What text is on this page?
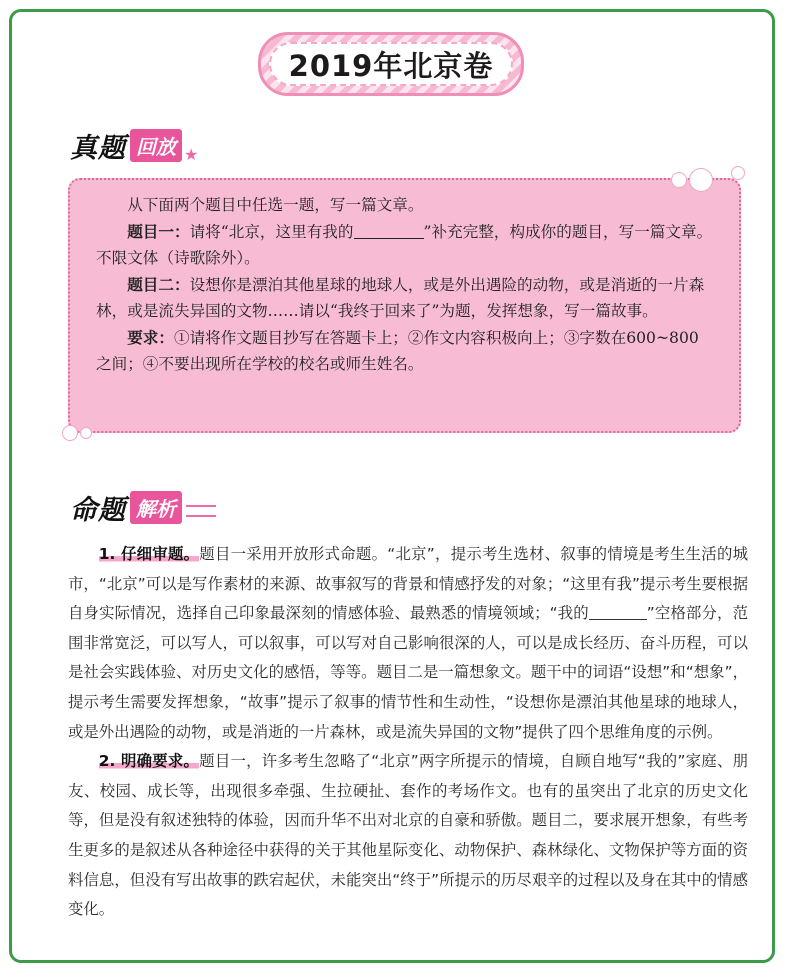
2019年北京卷
真题 回放 ★

从下面两个题目中任选一题，写一篇文章。

题目一：请将“北京，这里有我的	”补充完整，构成你的题目，写一篇文章。不限文体（诗歌除外）。

题目二：设想你是漂泊其他星球的地球人，或是外出遇险的动物，或是消逝的一片森林，或是流失异国的文物……请以“我终于回来了”为题，发挥想象，写一篇故事。

要求：①请将作文题目抄写在答题卡上；②作文内容积极向上；③字数在600~800之间；④不要出现所在学校的校名或师生姓名。

命题 解析

1. 仔细审题。题目一采用开放形式命题。“北京”，提示考生选材、叙事的情境是考生生活的城市，“北京”可以是写作素材的来源、故事叙写的背景和情感抒发的对象；“这里有我”提示考生要根据自身实际情况，选择自己印象最深刻的情感体验、最熟悉的情境领域；“我的	”空格部分，范围非常宽泛，可以写人，可以叙事，可以写对自己影响很深的人，可以是成长经历、奋斗历程，可以是社会实践体验、对历史文化的感悟，等等。题目二是一篇想象文。题干中的词语“设想”和“想象”，提示考生需要发挥想象，“故事”提示了叙事的情节性和生动性，“设想你是漂泊其他星球的地球人，或是外出遇险的动物，或是消逝的一片森林，或是流失异国的文物”提供了四个思维角度的示例。

2. 明确要求。题目一，许多考生忽略了“北京”两字所提示的情境，自顾自地写“我的”家庭、朋友、校园、成长等，出现很多牵强、生拉硬扯、套作的考场作文。也有的虽突出了北京的历史文化等，但是没有叙述独特的体验，因而升华不出对北京的自豪和骄傲。题目二，要求展开想象，有些考生更多的是叙述从各种途径中获得的关于其他星际变化、动物保护、森林绿化、文物保护等方面的资料信息，但没有写出故事的跌宕起伏，未能突出“终于”所提示的历尽艰辛的过程以及身在其中的情感变化。
